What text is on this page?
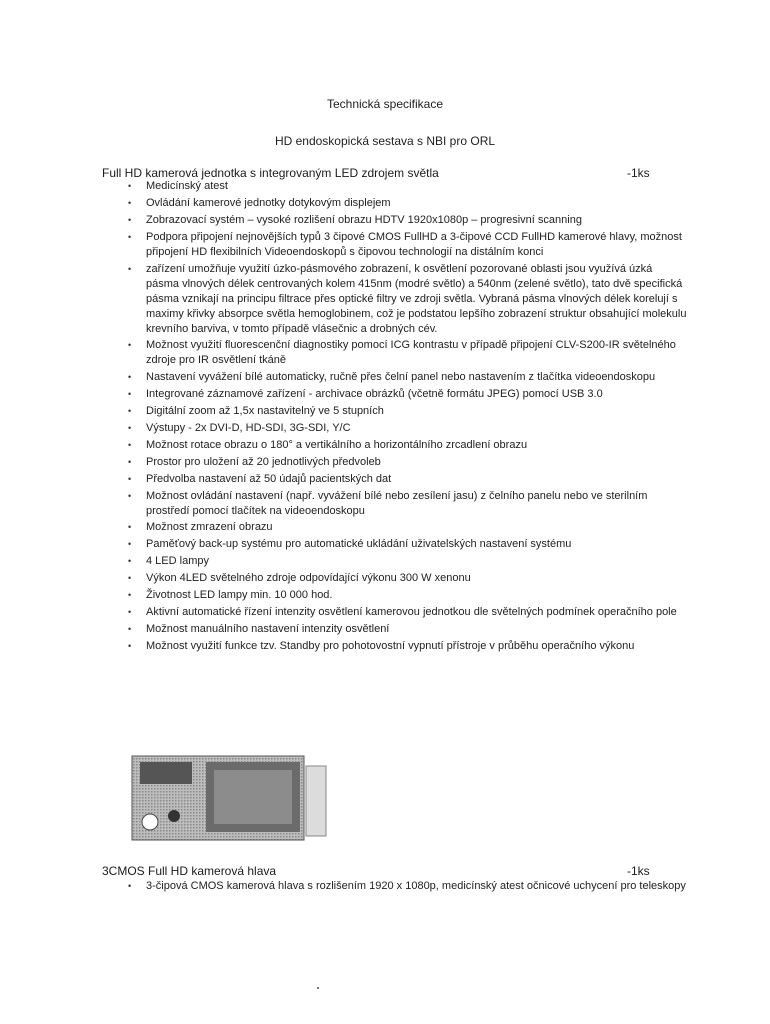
Technická specifikace
HD endoskopická sestava s NBI pro ORL
Full HD kamerová jednotka s integrovaným LED zdrojem světla	-1ks
• Medicínský atest
• Ovládání kamerové jednotky dotykovým displejem
• Zobrazovací systém – vysoké rozlišení obrazu HDTV 1920x1080p – progresivní scanning
• Podpora připojení nejnovějších typů 3 čipové CMOS FullHD a 3-čipové CCD FullHD kamerové hlavy, možnost připojení HD flexibilních Videoendoskopů s čipovou technologií na distálním konci
• zařízení umožňuje využití úzko-pásmového zobrazení, k osvětlení pozorované oblasti jsou využívá úzká pásma vlnových délek centrovaných kolem 415nm (modré světlo) a 540nm (zelené světlo), tato dvě specifická pásma vznikají na principu filtrace přes optické filtry ve zdroji světla. Vybraná pásma vlnových délek korelují s maximy křivky absorpce světla hemoglobinem, což je podstatou lepšího zobrazení struktur obsahující molekulu krevního barviva, v tomto případě vlásečnic a drobných cév.
• Možnost využití fluorescenční diagnostiky pomocí ICG kontrastu v případě připojení CLV-S200-IR světelného zdroje pro IR osvětlení tkáně
• Nastavení vyvážení bílé automaticky, ručně přes čelní panel nebo nastavením z tlačítka videoendoskopu
• Integrované záznamové zařízení - archivace obrázků (včetně formátu JPEG) pomocí USB 3.0
• Digitální zoom až 1,5x nastavitelný ve 5 stupních
• Výstupy - 2x DVI-D, HD-SDI, 3G-SDI, Y/C
• Možnost rotace obrazu o 180° a vertikálního a horizontálního zrcadlení obrazu
• Prostor pro uložení až 20 jednotlivých předvoleb
• Předvolba nastavení až 50 údajů pacientských dat
• Možnost ovládání nastavení (např. vyvážení bílé nebo zesílení jasu) z čelního panelu nebo ve sterilním prostředí pomocí tlačítek na videoendoskopu
• Možnost zmrazení obrazu
• Paměťový back-up systému pro automatické ukládání uživatelských nastavení systému
• 4 LED lampy
• Výkon 4LED světelného zdroje odpovídající výkonu 300 W xenonu
• Životnost LED lampy min. 10 000 hod.
• Aktivní automatické řízení intenzity osvětlení kamerovou jednotkou dle světelných podmínek operačního pole
• Možnost manuálního nastavení intenzity osvětlení
• Možnost využití funkce tzv. Standby pro pohotovostní vypnutí přístroje v průběhu operačního výkonu
3CMOS Full HD kamerová hlava	-1ks
• 3-čipová CMOS kamerová hlava s rozlišením 1920 x 1080p, medicínský atest očnicové uchycení pro teleskopy
